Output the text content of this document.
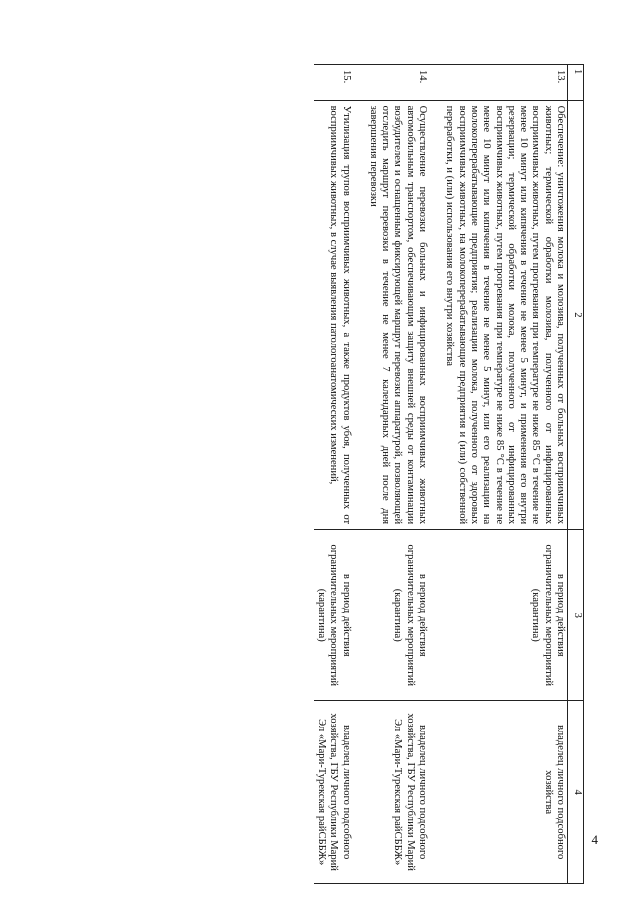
4
1	2	3	4

13.	Обеспечение: уничтожения молока и молозива, полученных от больных восприимчивых животных; термической обработки молозива, полученного от инфицированных восприимчивых животных, путем прогревания при температуре не ниже 85 °С в течение не менее 10 минут или кипячения в течение не менее 5 минут, и применения его внутри резервации; термической обработки молока, полученного от инфицированных восприимчивых животных, путем прогревания при температуре не ниже 85 °С в течение не менее 10 минут или кипячения в течение не менее 5 минут, или его реализации на молокоперерабатывающие предприятия; реализации молока, полученного от здоровых восприимчивых животных, на молокоперерабатывающие предприятия и (или) собственной переработки, и (или) использования его внутри хозяйства	в период действия ограничительных мероприятий (карантина)	владелец личного подсобного хозяйства

14.	Осуществление перевозки больных и инфицированных восприимчивых животных автомобильным транспортом, обеспечивающим защиту внешней среды от контаминации возбудителем и оснащенным фиксирующей маршрут перевозки аппаратурой, позволяющей отследить маршрут перевозки в течение не менее 7 календарных дней после дня завершения перевозки	в период действия ограничительных мероприятий (карантина)	владелец личного подсобного хозяйства, ГБУ Республики Марий Эл «Мари-Турекская райСББЖ»

15.	Утилизация трупов восприимчивых животных, а также продуктов убоя, полученных от восприимчивых животных, в случае выявления патологоанатомических изменений,	в период действия ограничительных мероприятий (карантина)	владелец личного подсобного хозяйства, ГБУ Республики Марий Эл «Мари-Турекская райСББЖ»
